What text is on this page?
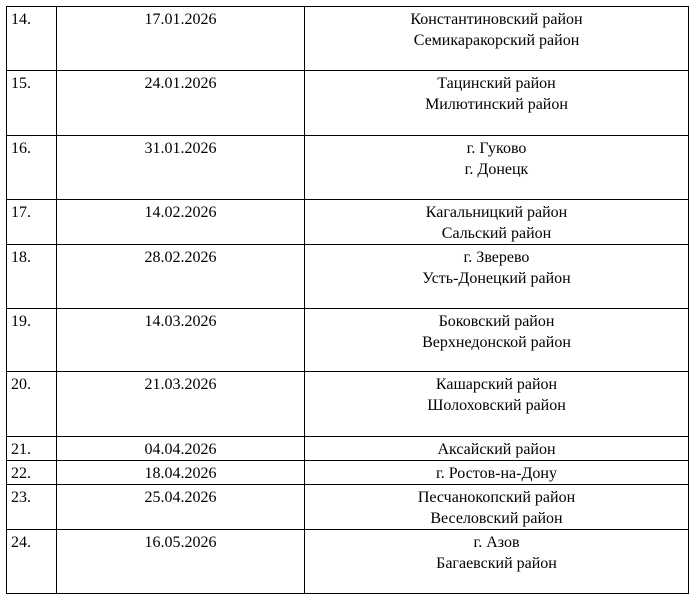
14.	17.01.2026	Константиновский район
Семикаракорский район

15.	24.01.2026	Тацинский район
Милютинский район

16.	31.01.2026	г. Гуково
г. Донецк

17.	14.02.2026	Кагальницкий район
Сальский район

18.	28.02.2026	г. Зверево
Усть-Донецкий район

19.	14.03.2026	Боковский район
Верхнедонской район

20.	21.03.2026	Кашарский район
Шолоховский район

21.	04.04.2026	Аксайский район

22.	18.04.2026	г. Ростов-на-Дону

23.	25.04.2026	Песчанокопский район
Веселовский район

24.	16.05.2026	г. Азов
Багаевский район
